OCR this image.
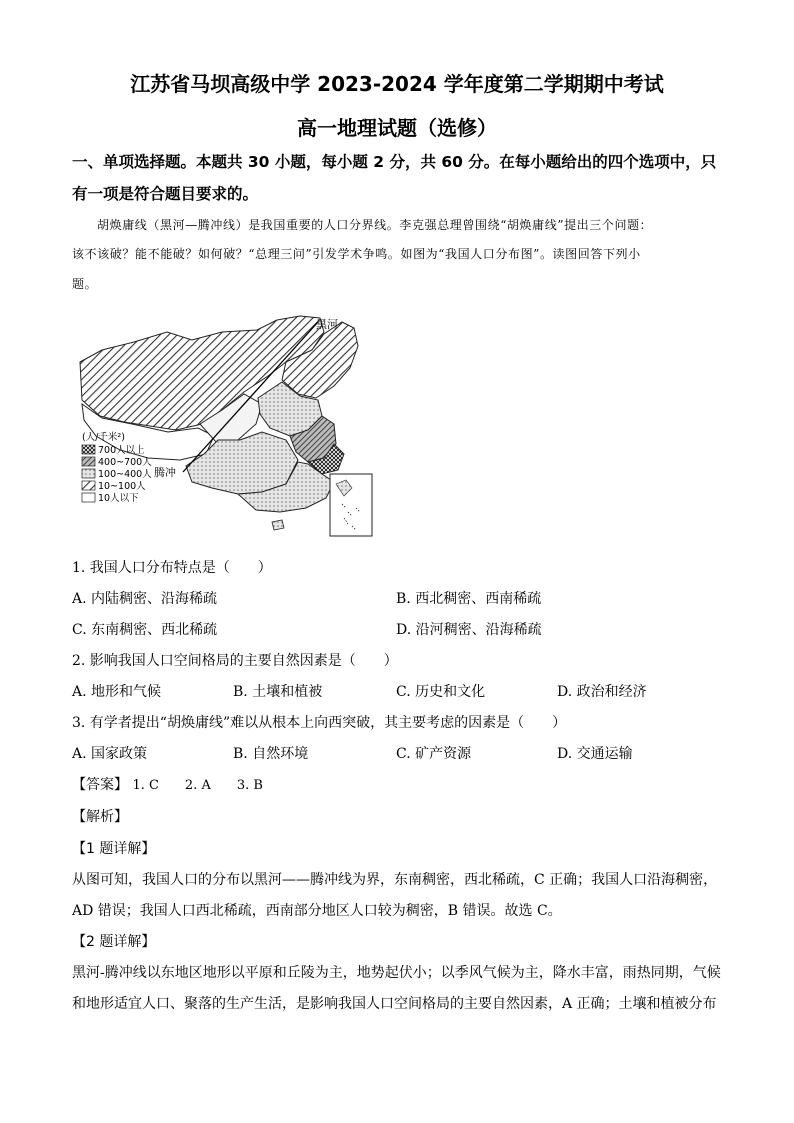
江苏省马坝高级中学 2023-2024 学年度第二学期期中考试
高一地理试题（选修）
一、单项选择题。本题共 30 小题，每小题 2 分，共 60 分。在每小题给出的四个选项中，只
有一项是符合题目要求的。
胡焕庸线（黑河—腾冲线）是我国重要的人口分界线。李克强总理曾围绕“胡焕庸线”提出三个问题：
该不该破？能不能破？如何破？“总理三问”引发学术争鸣。如图为“我国人口分布图”。读图回答下列小
题。
黑河
腾冲
(人/千米²)
700人以上
400~700人
100~400人
10~100人
10人以下
1. 我国人口分布特点是（　　）
A. 内陆稠密、沿海稀疏	B. 西北稠密、西南稀疏
C. 东南稠密、西北稀疏	D. 沿河稠密、沿海稀疏
2. 影响我国人口空间格局的主要自然因素是（　　）
A. 地形和气候	B. 土壤和植被	C. 历史和文化	D. 政治和经济
3. 有学者提出“胡焕庸线”难以从根本上向西突破，其主要考虑的因素是（　　）
A. 国家政策	B. 自然环境	C. 矿产资源	D. 交通运输
【答案】 1. C　　2. A　　3. B
【解析】
【1 题详解】
从图可知，我国人口的分布以黑河——腾冲线为界，东南稠密，西北稀疏，C 正确；我国人口沿海稠密，
AD 错误；我国人口西北稀疏，西南部分地区人口较为稠密，B 错误。故选 C。
【2 题详解】
黑河-腾冲线以东地区地形以平原和丘陵为主，地势起伏小；以季风气候为主，降水丰富，雨热同期，气候
和地形适宜人口、聚落的生产生活，是影响我国人口空间格局的主要自然因素，A 正确；土壤和植被分布
